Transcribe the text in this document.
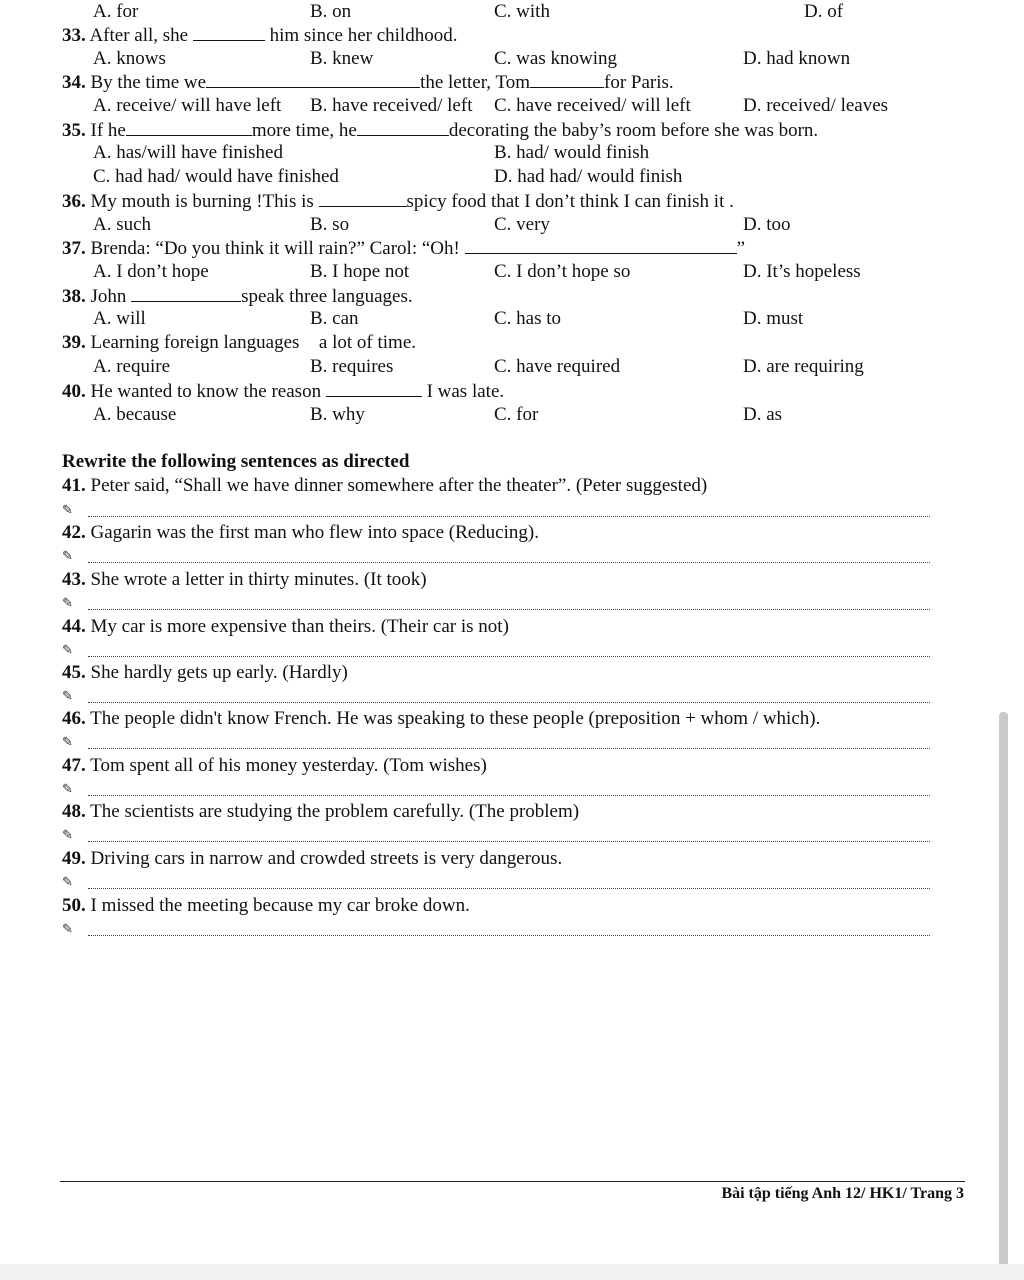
A. for	B. on	C. with	D. of
33. After all, she	him since her childhood.
A. knows	B. knew	C. was knowing	D. had known
34. By the time we	the letter, Tom	for Paris.
A. receive/ will have left B. have received/ left C. have received/ will left	D. received/ leaves
35. If he	more time, he	decorating the baby’s room before she was born.
A. has/will have finished	B. had/ would finish
C. had had/ would have finished	D. had had/ would finish
36. My mouth is burning !This is	spicy food that I don’t think I can finish it .
A. such	B. so	C. very	D. too
37. Brenda: “Do you think it will rain?” Carol: “Oh!	”
A. I don’t hope	B. I hope not	C. I don’t hope so	D. It’s hopeless
38. John	speak three languages.
A. will	B. can	C. has to	D. must
39. Learning foreign languages a lot of time.
A. require	B. requires	C. have required	D. are requiring
40. He wanted to know the reason	I was late.
A. because	B. why	C. for	D. as
Rewrite the following sentences as directed
41. Peter said, “Shall we have dinner somewhere after the theater”. (Peter suggested)
✎
42. Gagarin was the first man who flew into space (Reducing).
✎
43. She wrote a letter in thirty minutes. (It took)
✎
44. My car is more expensive than theirs. (Their car is not)
✎
45. She hardly gets up early. (Hardly)
✎
46. The people didn't know French. He was speaking to these people (preposition + whom / which).
✎
47. Tom spent all of his money yesterday. (Tom wishes)
✎
48. The scientists are studying the problem carefully. (The problem)
✎
49. Driving cars in narrow and crowded streets is very dangerous.
✎
50. I missed the meeting because my car broke down.
✎
Bài tập tiếng Anh 12/ HK1/ Trang 3
